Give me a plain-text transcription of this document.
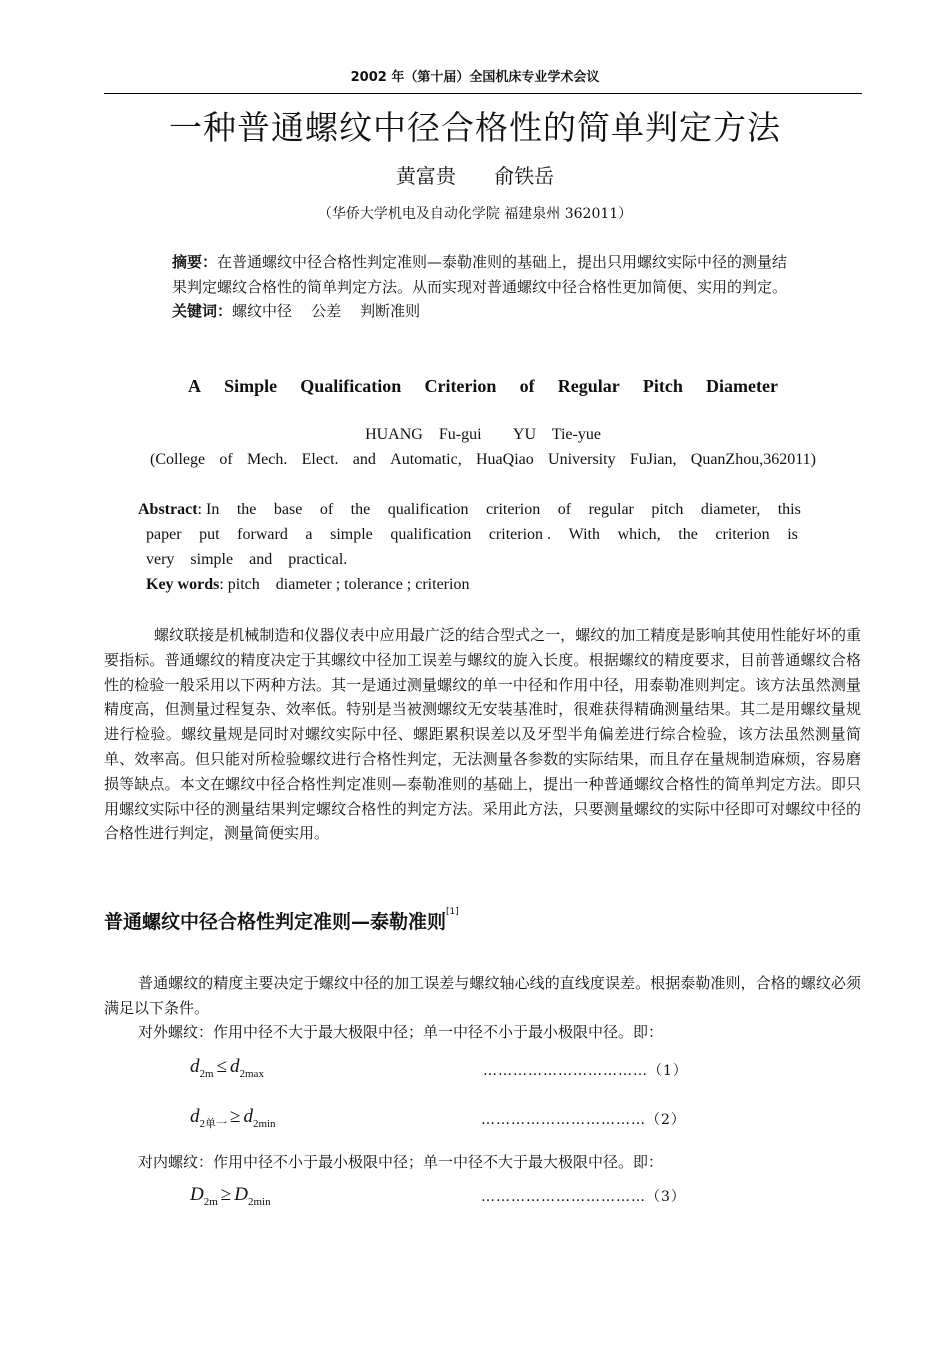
2002 年（第十届）全国机床专业学术会议
一种普通螺纹中径合格性的简单判定方法
黄富贵      俞铁岳
（华侨大学机电及自动化学院 福建泉州 362011）
摘要：在普通螺纹中径合格性判定准则—泰勒准则的基础上，提出只用螺纹实际中径的测量结果判定螺纹合格性的简单判定方法。从而实现对普通螺纹中径合格性更加简便、实用的判定。
关键词：螺纹中径    公差    判断准则
A Simple Qualification Criterion of Regular Pitch Diameter
HUANG    Fu-gui        YU    Tie-yue
(College of Mech. Elect. and Automatic, HuaQiao University FuJian, QuanZhou,362011)
Abstract: In the base of the qualification criterion of regular pitch diameter, this
paper put forward a simple qualification criterion . With which, the criterion is
very    simple    and    practical.
Key words: pitch    diameter ; tolerance ; criterion
螺纹联接是机械制造和仪器仪表中应用最广泛的结合型式之一，螺纹的加工精度是影响其使用性能好坏的重要指标。普通螺纹的精度决定于其螺纹中径加工误差与螺纹的旋入长度。根据螺纹的精度要求，目前普通螺纹合格性的检验一般采用以下两种方法。其一是通过测量螺纹的单一中径和作用中径，用泰勒准则判定。该方法虽然测量精度高，但测量过程复杂、效率低。特别是当被测螺纹无安装基准时，很难获得精确测量结果。其二是用螺纹量规进行检验。螺纹量规是同时对螺纹实际中径、螺距累积误差以及牙型半角偏差进行综合检验，该方法虽然测量简单、效率高。但只能对所检验螺纹进行合格性判定，无法测量各参数的实际结果，而且存在量规制造麻烦，容易磨损等缺点。本文在螺纹中径合格性判定准则—泰勒准则的基础上，提出一种普通螺纹合格性的简单判定方法。即只用螺纹实际中径的测量结果判定螺纹合格性的判定方法。采用此方法，只要测量螺纹的实际中径即可对螺纹中径的合格性进行判定，测量简便实用。
普通螺纹中径合格性判定准则—泰勒准则[1]
普通螺纹的精度主要决定于螺纹中径的加工误差与螺纹轴心线的直线度误差。根据泰勒准则，合格的螺纹必须满足以下条件。
对外螺纹：作用中径不大于最大极限中径；单一中径不小于最小极限中径。即：
$d_{2m} \le d_{2max}$	……………………………（1）
$d_{2单一} \ge d_{2min}$	……………………………（2）
对内螺纹：作用中径不小于最小极限中径；单一中径不大于最大极限中径。即：
$D_{2m} \ge D_{2min}$	……………………………（3）
